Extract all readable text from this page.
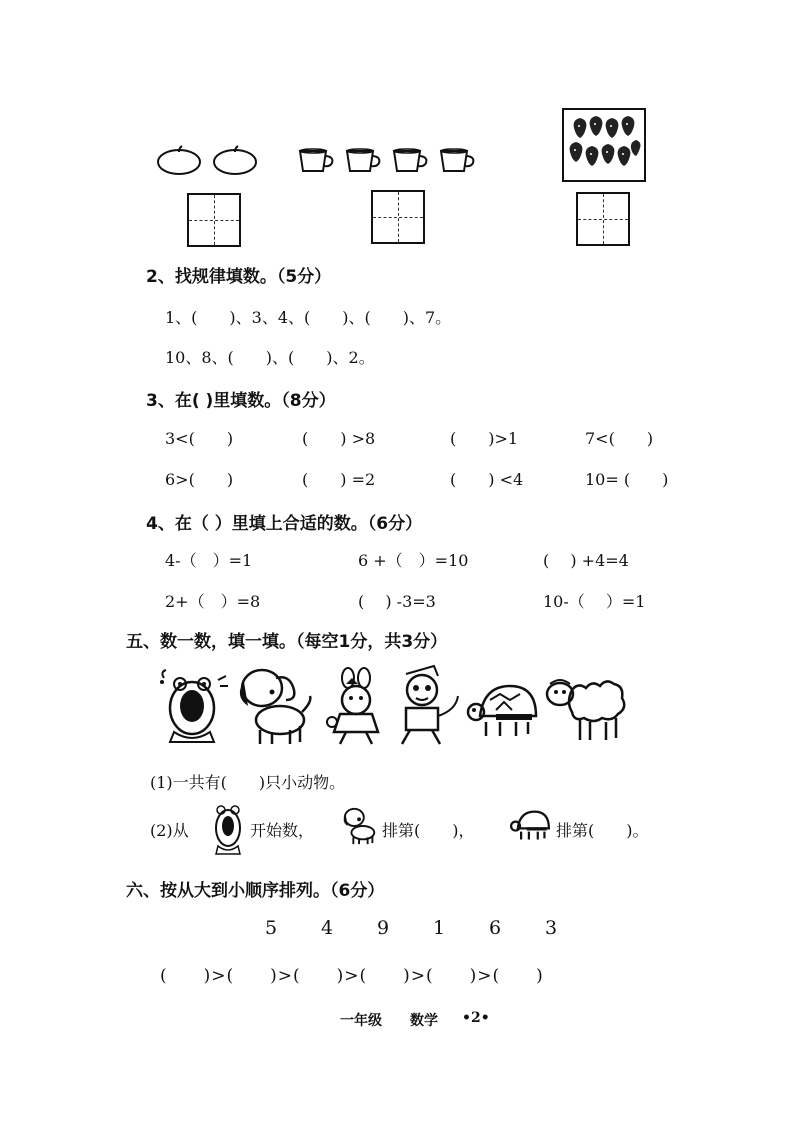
2、找规律填数。（5分）
1、(　　)、3、4、(　　)、(　　)、7。
10、8、(　　)、(　　)、2。
3、在( )里填数。（8分）
3<(　　)	(　　) >8	(　　)>1	7<(　　)
6>(　　)	(　　) =2	(　　) <4	10= (　　)
4、在（ ）里填上合适的数。（6分）
4-（　）=1	6 +（　）=10	(　 ) +4=4
2+（　）=8	(　 ) -3=3	10-（　 ）=1
五、数一数，填一填。（每空1分，共3分）
(1)一共有(　　)只小动物。
(2)从	开始数，	排第(　　)，	排第(　　)。
六、按从大到小顺序排列。（6分）
5 4 9 1 6 3
(　　)>(　　)>(　　)>(　　)>(　　)>(　　)
一年级 数学 •2•
